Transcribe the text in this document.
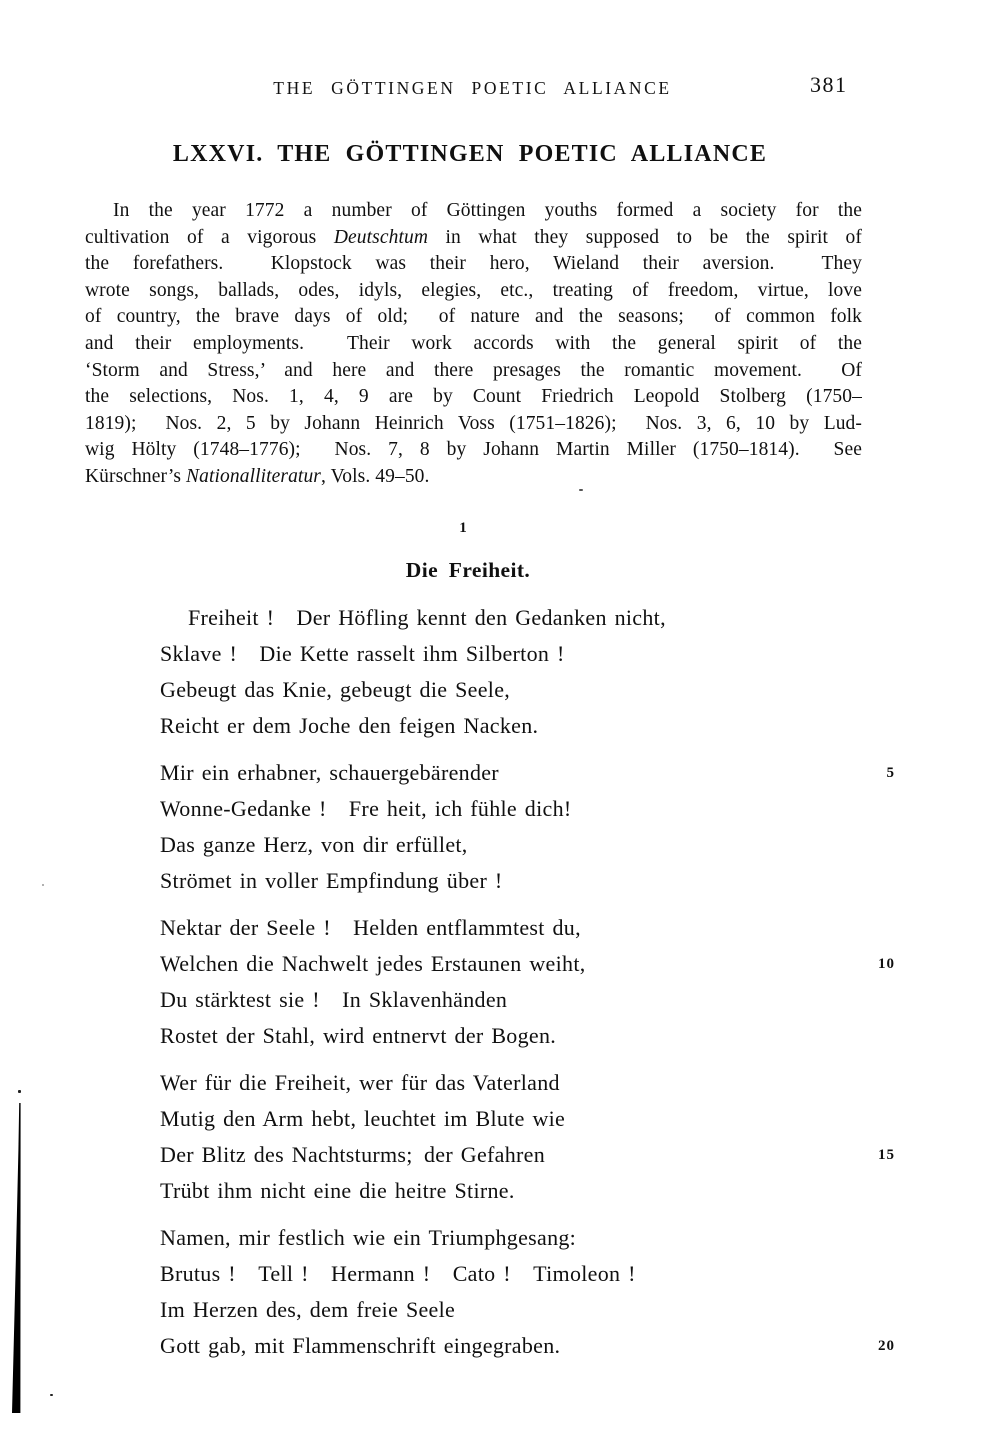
THE GÖTTINGEN POETIC ALLIANCE	381
LXXVI. THE GÖTTINGEN POETIC ALLIANCE
In the year 1772 a number of Göttingen youths formed a society for the
cultivation of a vigorous Deutschtum in what they supposed to be the spirit of
the forefathers.  Klopstock was their hero, Wieland their aversion.  They
wrote songs, ballads, odes, idyls, elegies, etc., treating of freedom, virtue, love
of country, the brave days of old;  of nature and the seasons;  of common folk
and their employments.  Their work accords with the general spirit of the
‘Storm and Stress,’ and here and there presages the romantic movement.  Of
the selections, Nos. 1, 4, 9 are by Count Friedrich Leopold Stolberg (1750–
1819);  Nos. 2, 5 by Johann Heinrich Voss (1751–1826);  Nos. 3, 6, 10 by Lud-
wig Hölty (1748–1776);  Nos. 7, 8 by Johann Martin Miller (1750–1814).  See
Kürschner’s Nationalliteratur, Vols. 49–50.
1
Die Freiheit.
Freiheit ! Der Höfling kennt den Gedanken nicht,
Sklave ! Die Kette rasselt ihm Silberton !
Gebeugt das Knie, gebeugt die Seele,
Reicht er dem Joche den feigen Nacken.
Mir ein erhabner, schauergebärender	5
Wonne-Gedanke ! Fre heit, ich fühle dich!
Das ganze Herz, von dir erfüllet,
Strömet in voller Empfindung über !
Nektar der Seele ! Helden entflammtest du,
Welchen die Nachwelt jedes Erstaunen weiht,	10
Du stärktest sie ! In Sklavenhänden
Rostet der Stahl, wird entnervt der Bogen.
Wer für die Freiheit, wer für das Vaterland
Mutig den Arm hebt, leuchtet im Blute wie
Der Blitz des Nachtsturms; der Gefahren	15
Trübt ihm nicht eine die heitre Stirne.
Namen, mir festlich wie ein Triumphgesang:
Brutus ! Tell ! Hermann ! Cato ! Timoleon !
Im Herzen des, dem freie Seele
Gott gab, mit Flammenschrift eingegraben.	20
